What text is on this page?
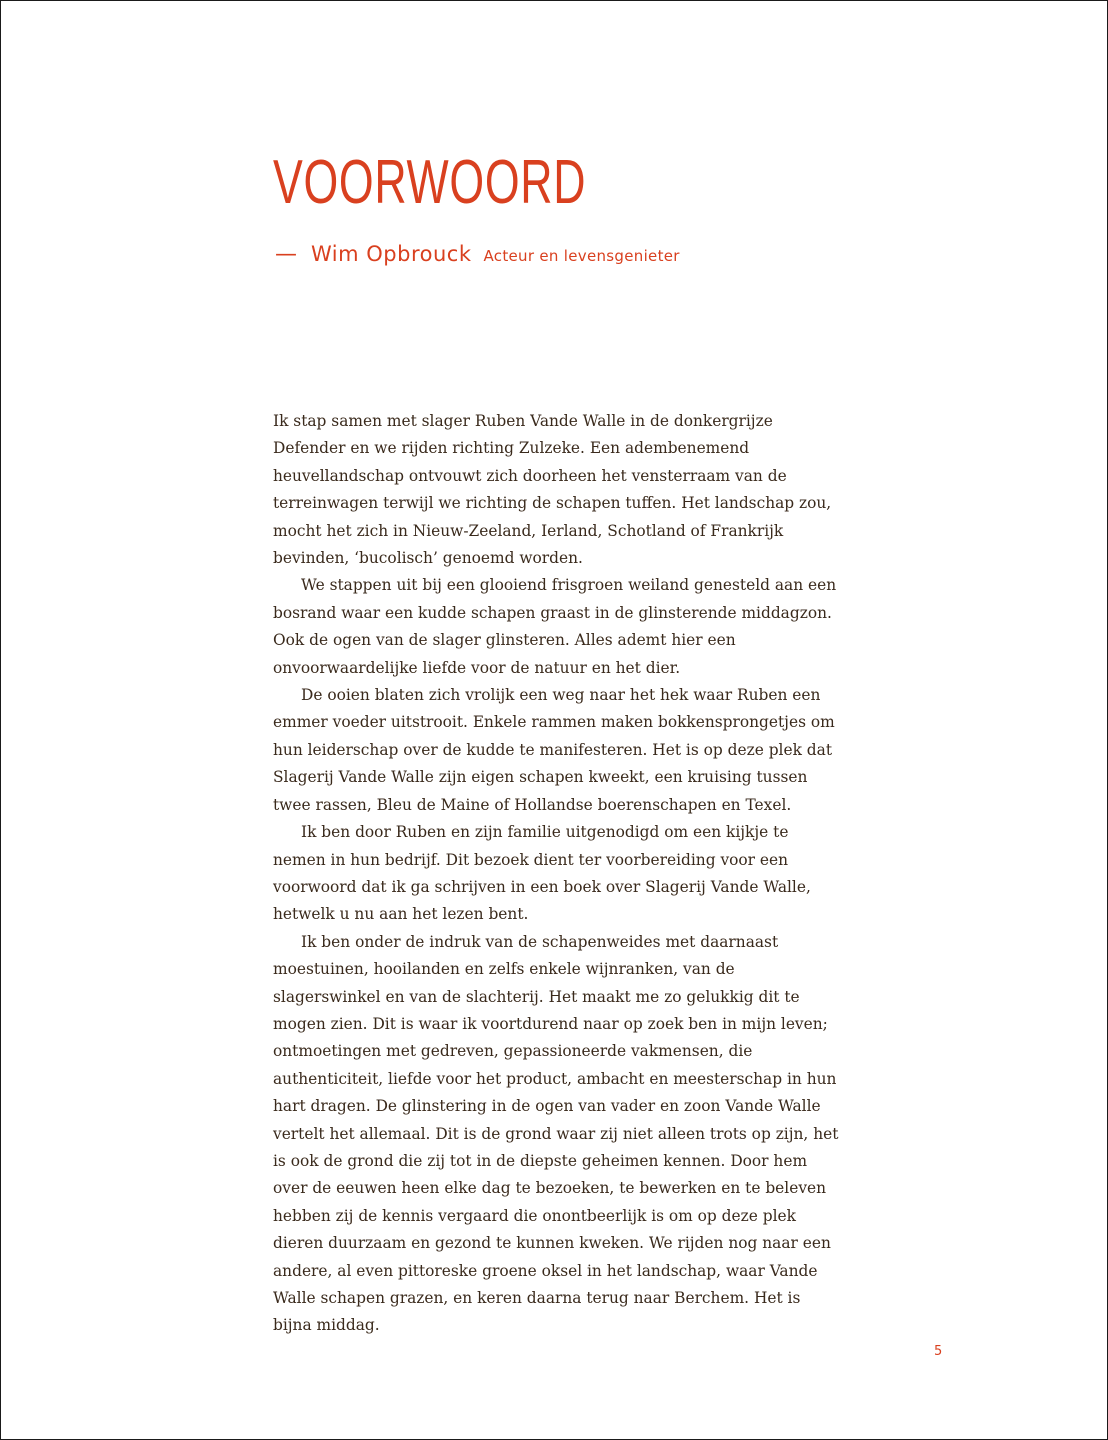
VOORWOORD
— Wim Opbrouck Acteur en levensgenieter

Ik stap samen met slager Ruben Vande Walle in de donkergrijze Defender en we rijden richting Zulzeke. Een adembenemend heuvellandschap ontvouwt zich doorheen het vensterraam van de terreinwagen terwijl we richting de schapen tuffen. Het landschap zou, mocht het zich in Nieuw-Zeeland, Ierland, Schotland of Frankrijk bevinden, ‘bucolisch’ genoemd worden.

We stappen uit bij een glooiend frisgroen weiland genesteld aan een bosrand waar een kudde schapen graast in de glinsterende middagzon. Ook de ogen van de slager glinsteren. Alles ademt hier een onvoorwaardelijke liefde voor de natuur en het dier.

De ooien blaten zich vrolijk een weg naar het hek waar Ruben een emmer voeder uitstrooit. Enkele rammen maken bokkensprongetjes om hun leiderschap over de kudde te manifesteren. Het is op deze plek dat Slagerij Vande Walle zijn eigen schapen kweekt, een kruising tussen twee rassen, Bleu de Maine of Hollandse boerenschapen en Texel.

Ik ben door Ruben en zijn familie uitgenodigd om een kijkje te nemen in hun bedrijf. Dit bezoek dient ter voorbereiding voor een voorwoord dat ik ga schrijven in een boek over Slagerij Vande Walle, hetwelk u nu aan het lezen bent.

Ik ben onder de indruk van de schapenweides met daarnaast moestuinen, hooilanden en zelfs enkele wijnranken, van de slagerswinkel en van de slachterij. Het maakt me zo gelukkig dit te mogen zien. Dit is waar ik voortdurend naar op zoek ben in mijn leven; ontmoetingen met gedreven, gepassioneerde vakmensen, die authenticiteit, liefde voor het product, ambacht en meesterschap in hun hart dragen. De glinstering in de ogen van vader en zoon Vande Walle vertelt het allemaal. Dit is de grond waar zij niet alleen trots op zijn, het is ook de grond die zij tot in de diepste geheimen kennen. Door hem over de eeuwen heen elke dag te bezoeken, te bewerken en te beleven hebben zij de kennis vergaard die onontbeerlijk is om op deze plek dieren duurzaam en gezond te kunnen kweken. We rijden nog naar een andere, al even pittoreske groene oksel in het landschap, waar Vande Walle schapen grazen, en keren daarna terug naar Berchem. Het is bijna middag.

5
